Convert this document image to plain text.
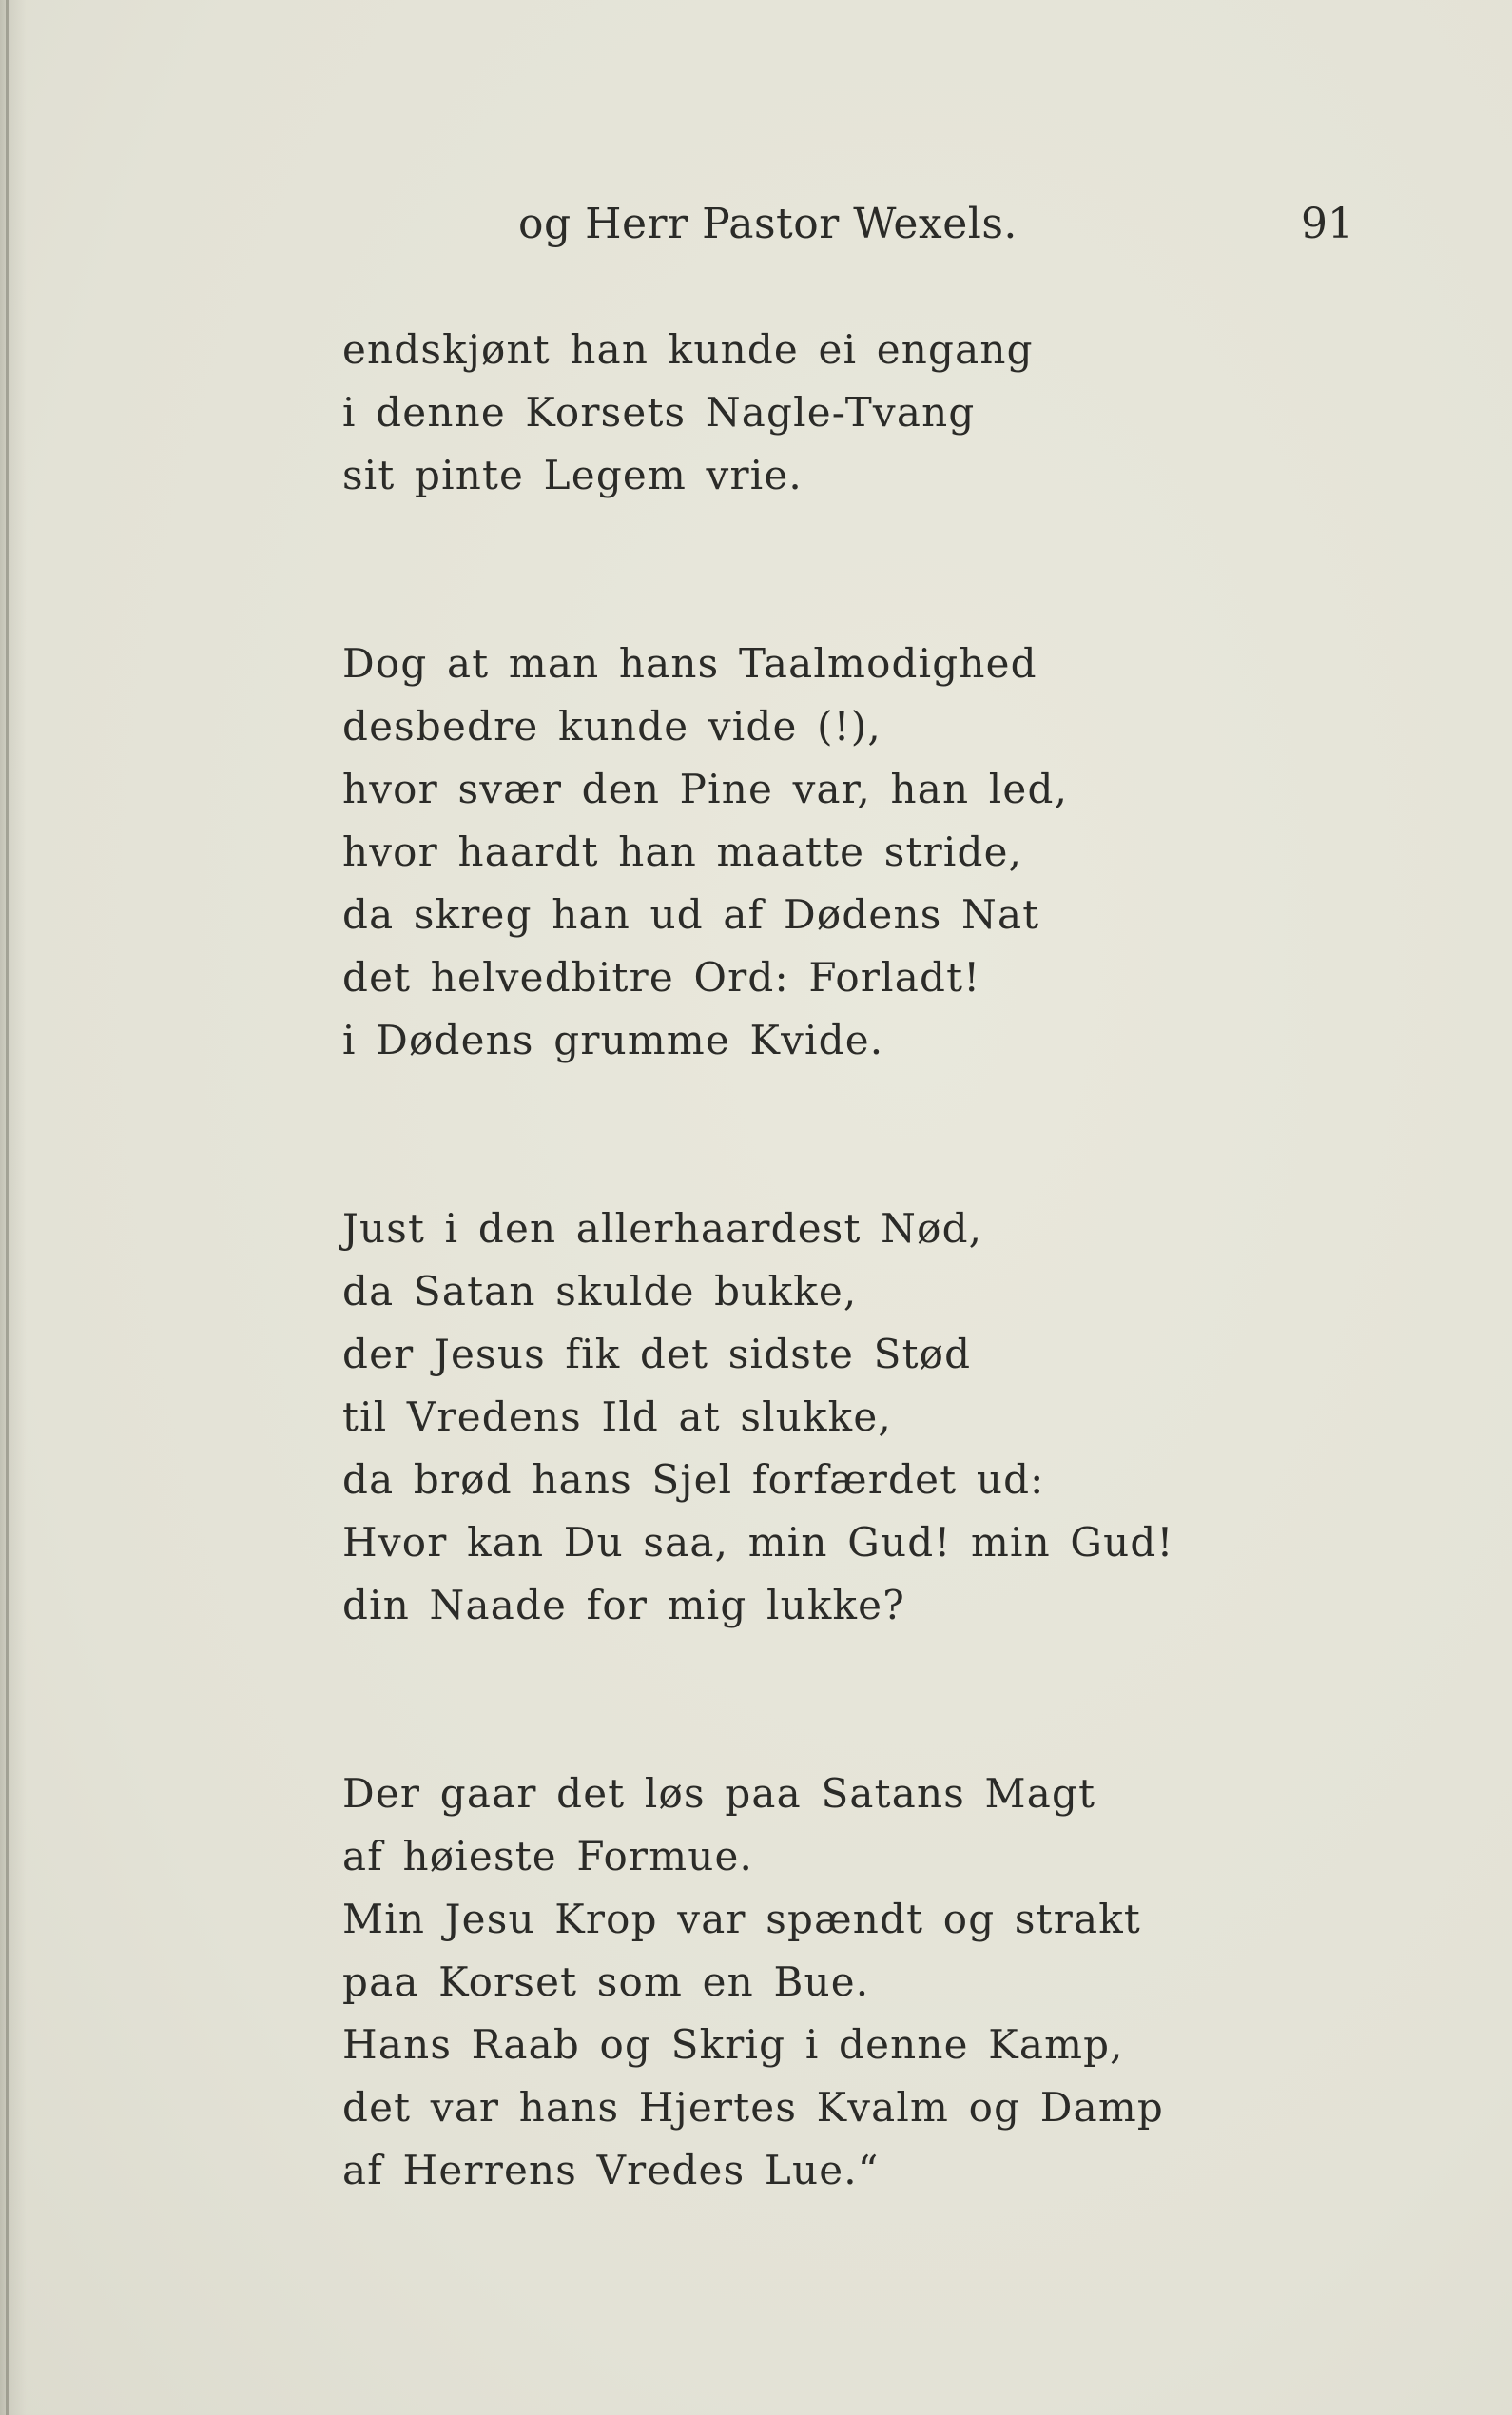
og Herr Pastor Wexels.	91
endskjønt han kunde ei engang
i denne Korsets Nagle-Tvang
sit pinte Legem vrie.
Dog at man hans Taalmodighed
desbedre kunde vide (!),
hvor svær den Pine var, han led,
hvor haardt han maatte stride,
da skreg han ud af Dødens Nat
det helvedbitre Ord: Forladt!
i Dødens grumme Kvide.
Just i den allerhaardest Nød,
da Satan skulde bukke,
der Jesus fik det sidste Stød
til Vredens Ild at slukke,
da brød hans Sjel forfærdet ud:
Hvor kan Du saa, min Gud! min Gud!
din Naade for mig lukke?
Der gaar det løs paa Satans Magt
af høieste Formue.
Min Jesu Krop var spændt og strakt
paa Korset som en Bue.
Hans Raab og Skrig i denne Kamp,
det var hans Hjertes Kvalm og Damp
af Herrens Vredes Lue.“
